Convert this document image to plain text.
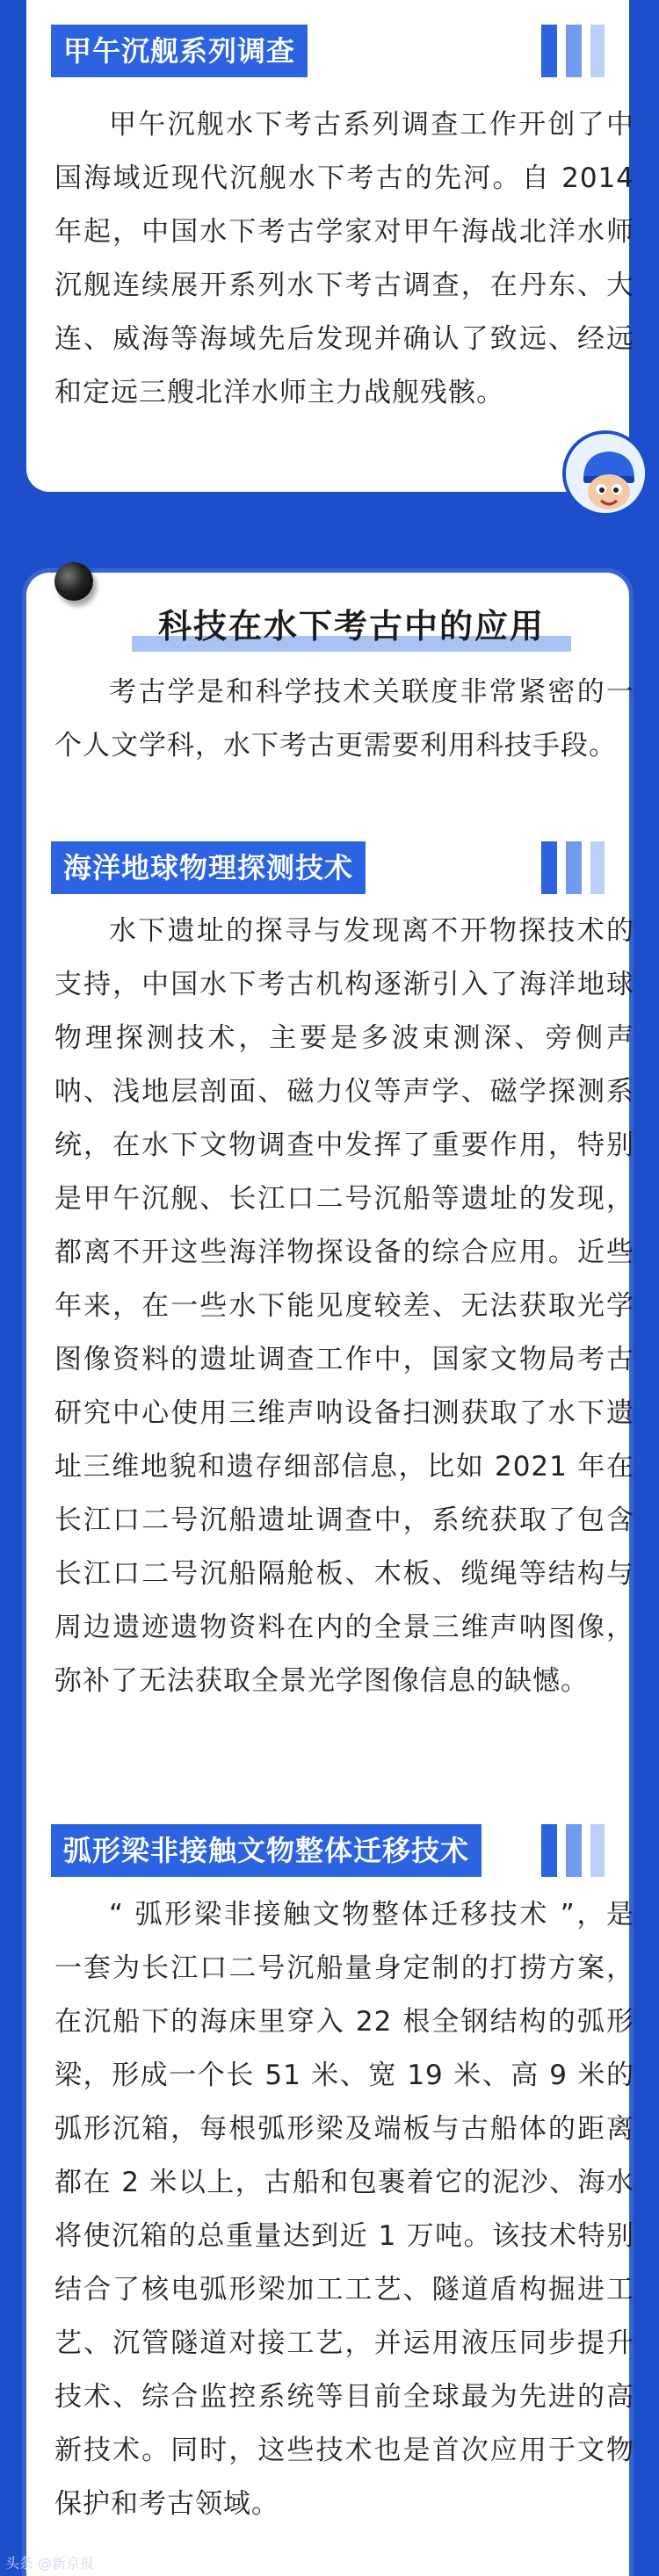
甲午沉舰系列调查

甲午沉舰水下考古系列调查工作开创了中国海域近现代沉舰水下考古的先河。自 2014 年起，中国水下考古学家对甲午海战北洋水师沉舰连续展开系列水下考古调查，在丹东、大连、威海等海域先后发现并确认了致远、经远和定远三艘北洋水师主力战舰残骸。

科技在水下考古中的应用

考古学是和科学技术关联度非常紧密的一个人文学科，水下考古更需要利用科技手段。

海洋地球物理探测技术

水下遗址的探寻与发现离不开物探技术的支持，中国水下考古机构逐渐引入了海洋地球物理探测技术，主要是多波束测深、旁侧声呐、浅地层剖面、磁力仪等声学、磁学探测系统，在水下文物调查中发挥了重要作用，特别是甲午沉舰、长江口二号沉船等遗址的发现，都离不开这些海洋物探设备的综合应用。近些年来，在一些水下能见度较差、无法获取光学图像资料的遗址调查工作中，国家文物局考古研究中心使用三维声呐设备扫测获取了水下遗址三维地貌和遗存细部信息，比如 2021 年在长江口二号沉船遗址调查中，系统获取了包含长江口二号沉船隔舱板、木板、缆绳等结构与周边遗迹遗物资料在内的全景三维声呐图像，弥补了无法获取全景光学图像信息的缺憾。

弧形梁非接触文物整体迁移技术

“ 弧形梁非接触文物整体迁移技术 ”，是一套为长江口二号沉船量身定制的打捞方案，在沉船下的海床里穿入 22 根全钢结构的弧形梁，形成一个长 51 米、宽 19 米、高 9 米的弧形沉箱，每根弧形梁及端板与古船体的距离都在 2 米以上，古船和包裹着它的泥沙、海水将使沉箱的总重量达到近 1 万吨。该技术特别结合了核电弧形梁加工工艺、隧道盾构掘进工艺、沉管隧道对接工艺，并运用液压同步提升技术、综合监控系统等目前全球最为先进的高新技术。同时，这些技术也是首次应用于文物保护和考古领域。

头条 @新京报
